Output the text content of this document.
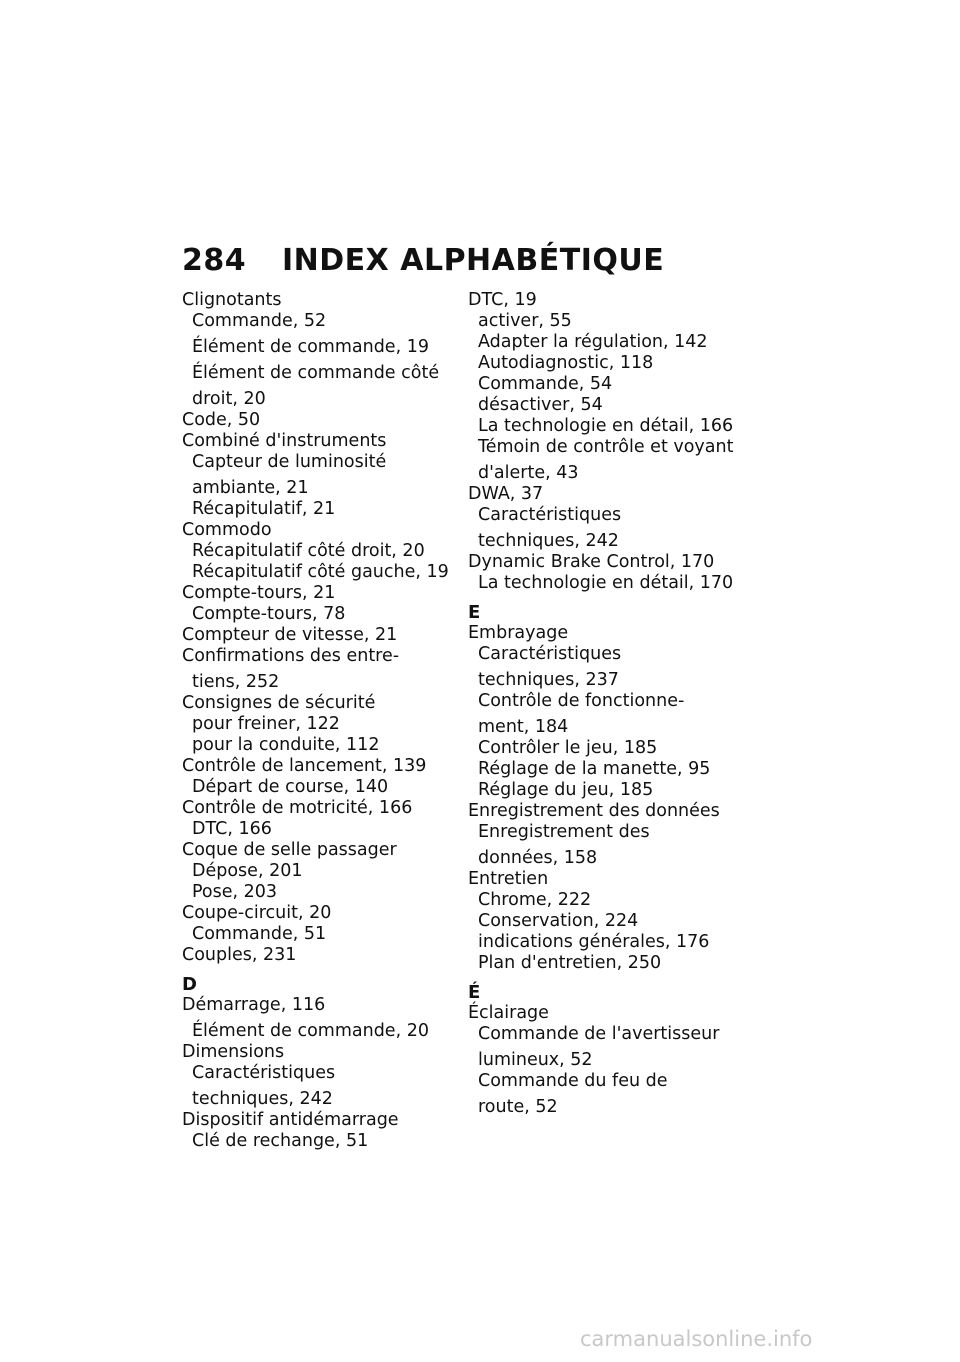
284 INDEX ALPHABÉTIQUE
Clignotants
Commande, 52
Élément de commande, 19
Élément de commande côté
droit, 20
Code, 50
Combiné d'instruments
Capteur de luminosité
ambiante, 21
Récapitulatif, 21
Commodo
Récapitulatif côté droit, 20
Récapitulatif côté gauche, 19
Compte-tours, 21
Compte-tours, 78
Compteur de vitesse, 21
Confirmations des entre-
tiens, 252
Consignes de sécurité
pour freiner, 122
pour la conduite, 112
Contrôle de lancement, 139
Départ de course, 140
Contrôle de motricité, 166
DTC, 166
Coque de selle passager
Dépose, 201
Pose, 203
Coupe-circuit, 20
Commande, 51
Couples, 231
D
Démarrage, 116
Élément de commande, 20
Dimensions
Caractéristiques
techniques, 242
Dispositif antidémarrage
Clé de rechange, 51
DTC, 19
activer, 55
Adapter la régulation, 142
Autodiagnostic, 118
Commande, 54
désactiver, 54
La technologie en détail, 166
Témoin de contrôle et voyant
d'alerte, 43
DWA, 37
Caractéristiques
techniques, 242
Dynamic Brake Control, 170
La technologie en détail, 170
E
Embrayage
Caractéristiques
techniques, 237
Contrôle de fonctionne-
ment, 184
Contrôler le jeu, 185
Réglage de la manette, 95
Réglage du jeu, 185
Enregistrement des données
Enregistrement des
données, 158
Entretien
Chrome, 222
Conservation, 224
indications générales, 176
Plan d'entretien, 250
É
Éclairage
Commande de l'avertisseur
lumineux, 52
Commande du feu de
route, 52
carmanualsonline.info
